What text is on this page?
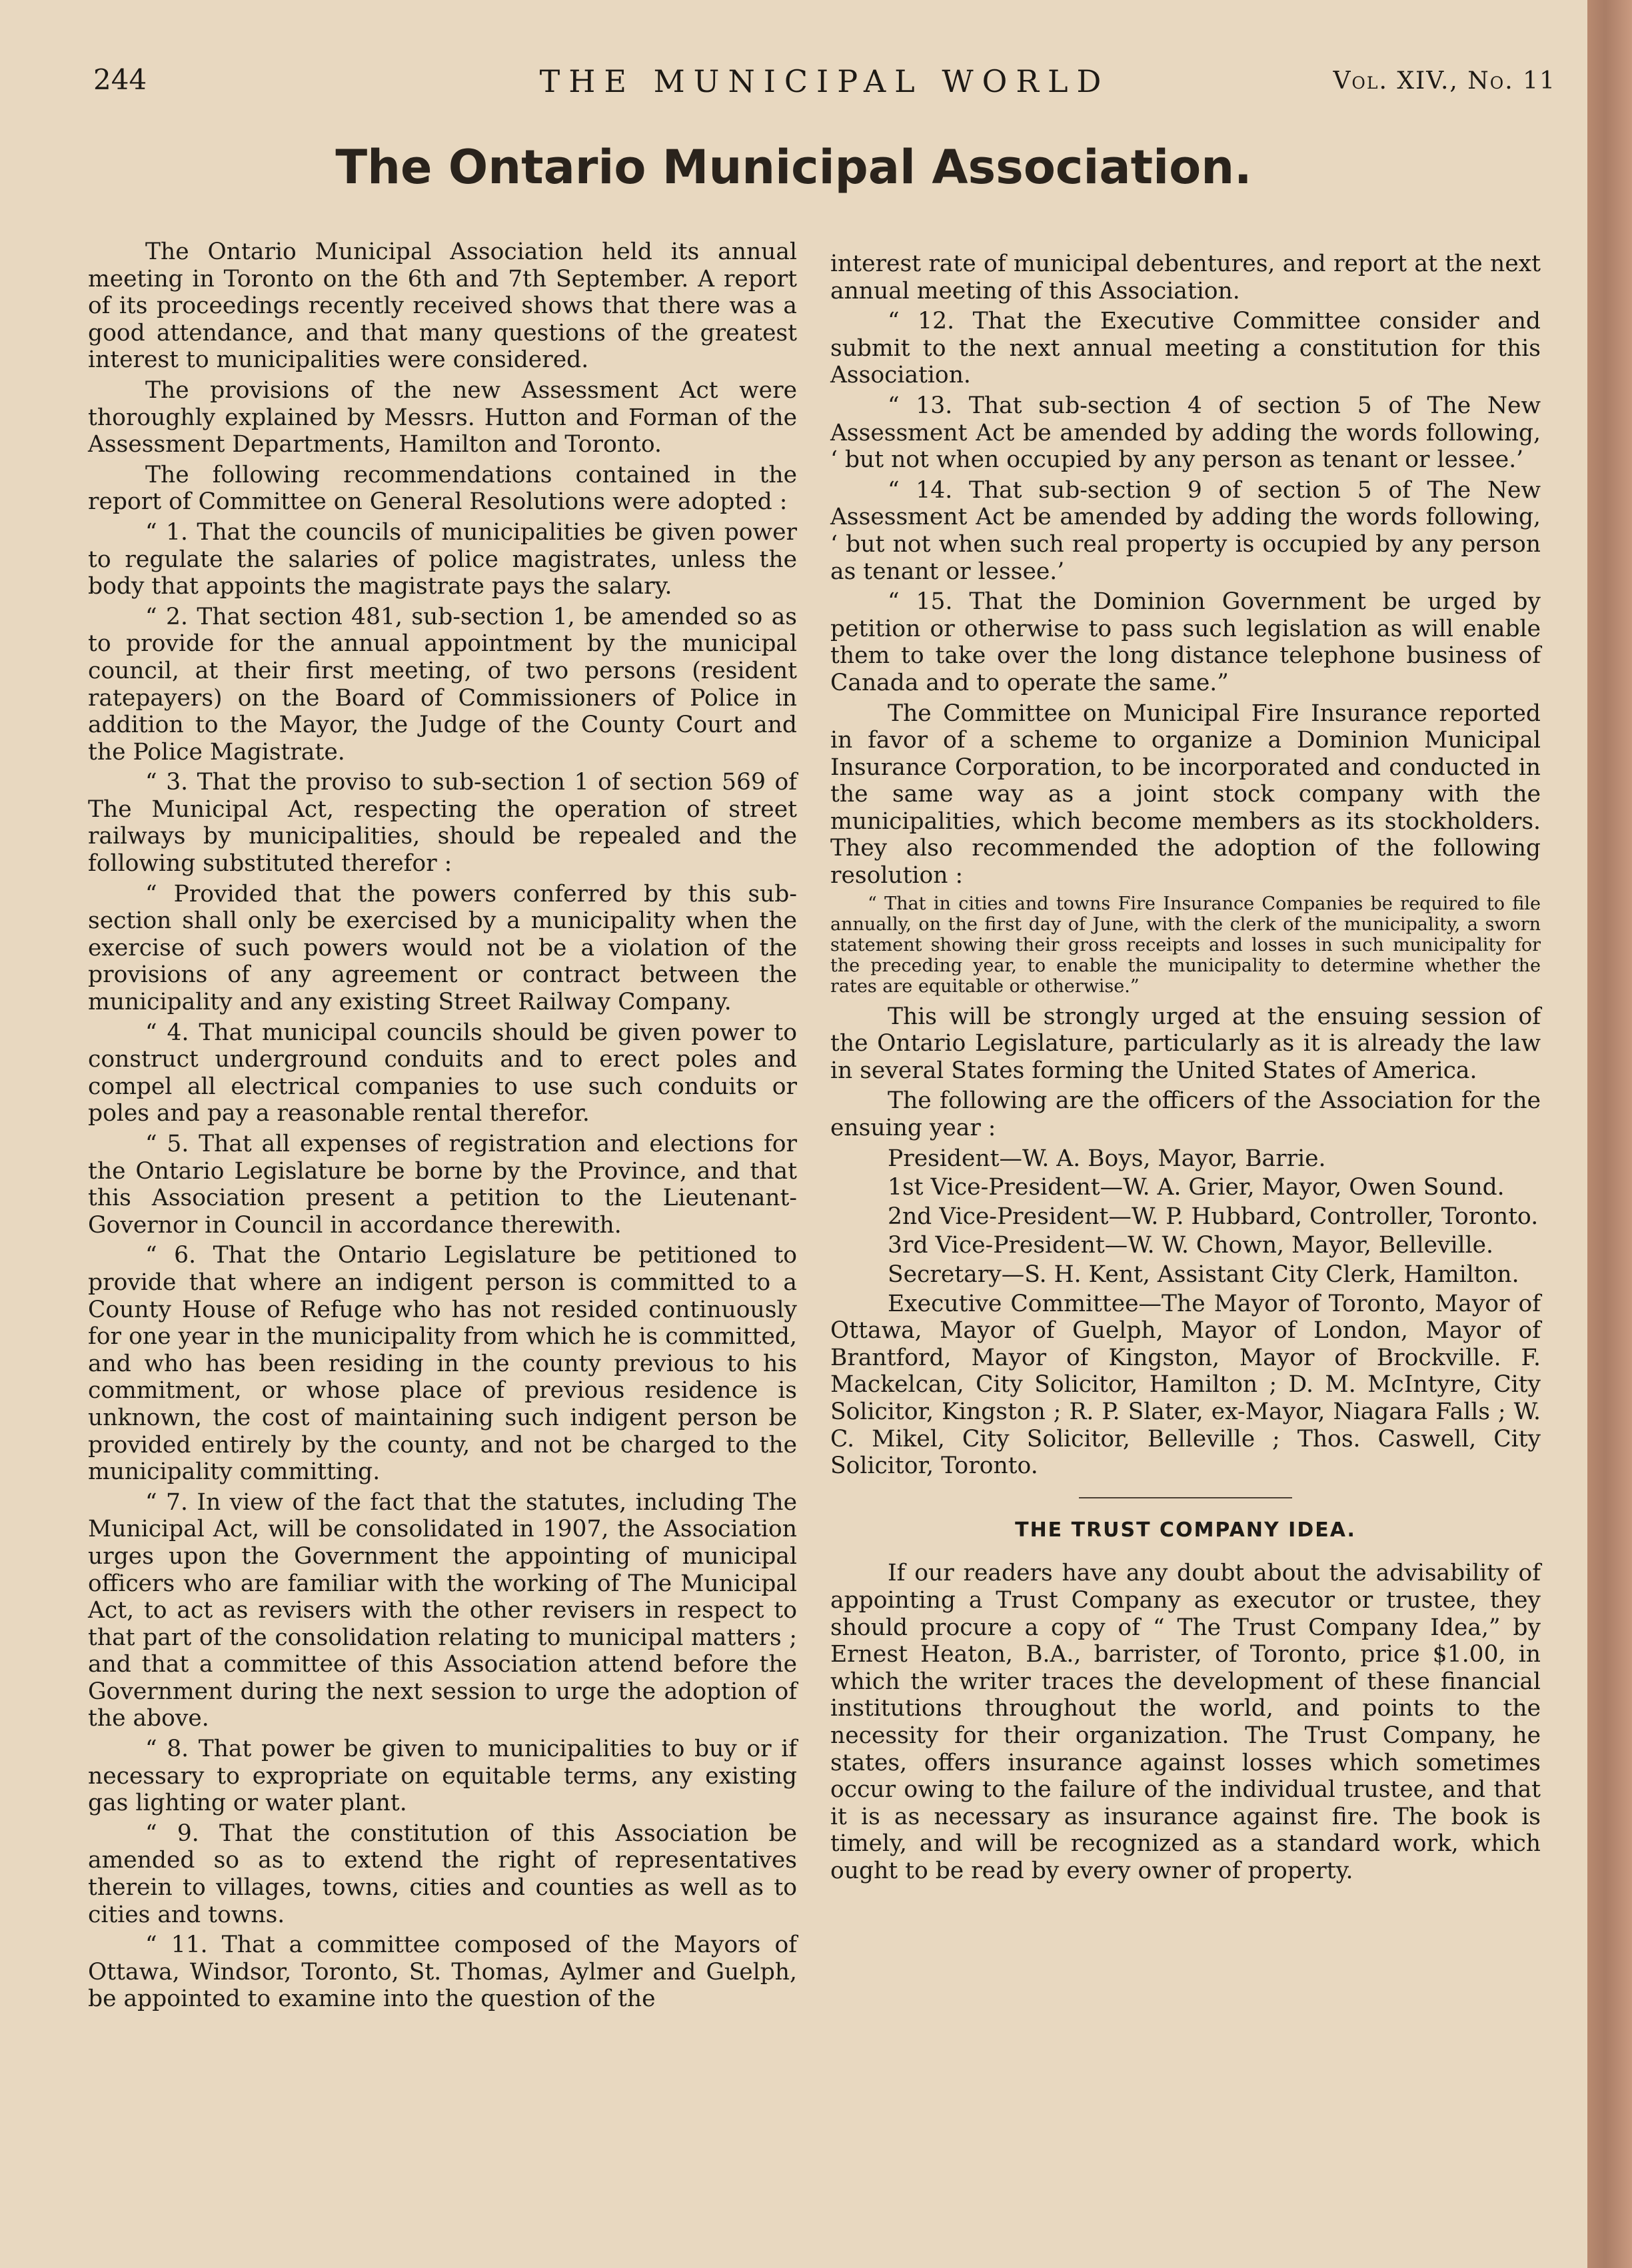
244	THE MUNICIPAL WORLD	Vol. XIV., No. 11
The Ontario Municipal Association.

The Ontario Municipal Association held its annual meeting in Toronto on the 6th and 7th September. A report of its proceedings recently received shows that there was a good attendance, and that many questions of the greatest interest to municipalities were considered.

The provisions of the new Assessment Act were thoroughly explained by Messrs. Hutton and Forman of the Assessment Departments, Hamilton and Toronto.

The following recommendations contained in the report of Committee on General Resolutions were adopted :

“ 1. That the councils of municipalities be given power to regulate the salaries of police magistrates, unless the body that appoints the magistrate pays the salary.

“ 2. That section 481, sub-section 1, be amended so as to provide for the annual appointment by the municipal council, at their first meeting, of two persons (resident ratepayers) on the Board of Commissioners of Police in addition to the Mayor, the Judge of the County Court and the Police Magistrate.

“ 3. That the proviso to sub-section 1 of section 569 of The Municipal Act, respecting the operation of street railways by municipalities, should be repealed and the following substituted therefor :

“ Provided that the powers conferred by this sub-section shall only be exercised by a municipality when the exercise of such powers would not be a violation of the provisions of any agreement or contract between the municipality and any existing Street Railway Company.

“ 4. That municipal councils should be given power to construct underground conduits and to erect poles and compel all electrical companies to use such conduits or poles and pay a reasonable rental therefor.

“ 5. That all expenses of registration and elections for the Ontario Legislature be borne by the Province, and that this Association present a petition to the Lieutenant-Governor in Council in accordance therewith.

“ 6. That the Ontario Legislature be petitioned to provide that where an indigent person is committed to a County House of Refuge who has not resided continuously for one year in the municipality from which he is committed, and who has been residing in the county previous to his commitment, or whose place of previous residence is unknown, the cost of maintaining such indigent person be provided entirely by the county, and not be charged to the municipality committing.

“ 7. In view of the fact that the statutes, including The Municipal Act, will be consolidated in 1907, the Association urges upon the Government the appointing of municipal officers who are familiar with the working of The Municipal Act, to act as revisers with the other revisers in respect to that part of the consolidation relating to municipal matters ; and that a committee of this Association attend before the Government during the next session to urge the adoption of the above.

“ 8. That power be given to municipalities to buy or if necessary to expropriate on equitable terms, any existing gas lighting or water plant.

“ 9. That the constitution of this Association be amended so as to extend the right of representatives therein to villages, towns, cities and counties as well as to cities and towns.

“ 11. That a committee composed of the Mayors of Ottawa, Windsor, Toronto, St. Thomas, Aylmer and Guelph, be appointed to examine into the question of the

interest rate of municipal debentures, and report at the next annual meeting of this Association.

“ 12. That the Executive Committee consider and submit to the next annual meeting a constitution for this Association.

“ 13. That sub-section 4 of section 5 of The New Assessment Act be amended by adding the words following, ‘ but not when occupied by any person as tenant or lessee.’

“ 14. That sub-section 9 of section 5 of The New Assessment Act be amended by adding the words following, ‘ but not when such real property is occupied by any person as tenant or lessee.’

“ 15. That the Dominion Government be urged by petition or otherwise to pass such legislation as will enable them to take over the long distance telephone business of Canada and to operate the same.”

The Committee on Municipal Fire Insurance reported in favor of a scheme to organize a Dominion Municipal Insurance Corporation, to be incorporated and conducted in the same way as a joint stock company with the municipalities, which become members as its stockholders. They also recommended the adoption of the following resolution :

“ That in cities and towns Fire Insurance Companies be required to file annually, on the first day of June, with the clerk of the municipality, a sworn statement showing their gross receipts and losses in such municipality for the preceding year, to enable the municipality to determine whether the rates are equitable or otherwise.”

This will be strongly urged at the ensuing session of the Ontario Legislature, particularly as it is already the law in several States forming the United States of America.

The following are the officers of the Association for the ensuing year :

President—W. A. Boys, Mayor, Barrie.
1st Vice-President—W. A. Grier, Mayor, Owen Sound.
2nd Vice-President—W. P. Hubbard, Controller, Toronto.
3rd Vice-President—W. W. Chown, Mayor, Belleville.
Secretary—S. H. Kent, Assistant City Clerk, Hamilton.
Executive Committee—The Mayor of Toronto, Mayor of Ottawa, Mayor of Guelph, Mayor of London, Mayor of Brantford, Mayor of Kingston, Mayor of Brockville. F. Mackelcan, City Solicitor, Hamilton ; D. M. McIntyre, City Solicitor, Kingston ; R. P. Slater, ex-Mayor, Niagara Falls ; W. C. Mikel, City Solicitor, Belleville ; Thos. Caswell, City Solicitor, Toronto.
THE TRUST COMPANY IDEA.

If our readers have any doubt about the advisability of appointing a Trust Company as executor or trustee, they should procure a copy of “ The Trust Company Idea,” by Ernest Heaton, B.A., barrister, of Toronto, price $1.00, in which the writer traces the development of these financial institutions throughout the world, and points to the necessity for their organization. The Trust Company, he states, offers insurance against losses which sometimes occur owing to the failure of the individual trustee, and that it is as necessary as insurance against fire. The book is timely, and will be recognized as a standard work, which ought to be read by every owner of property.
